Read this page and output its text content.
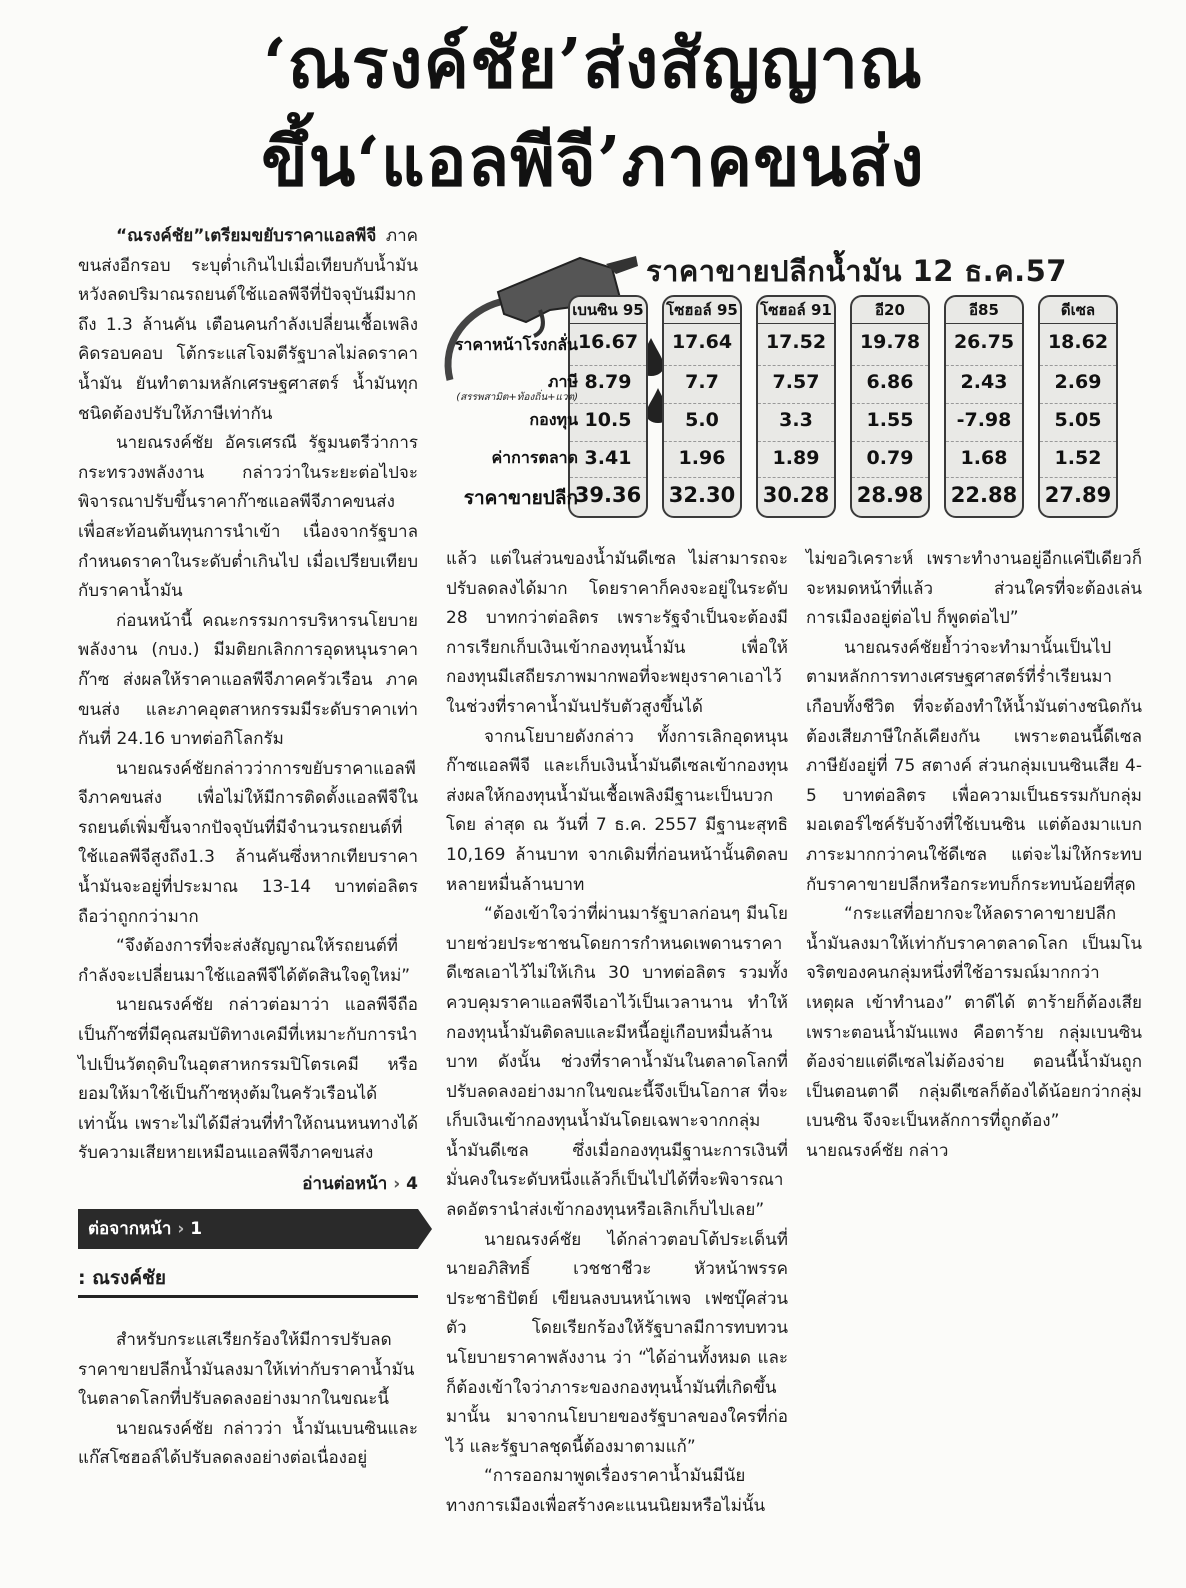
‘ณรงค์ชัย’ส่งสัญญาณ
ขึ้น‘แอลพีจี’ภาคขนส่ง

“ณรงค์ชัย”เตรียมขยับราคาแอลพีจี ภาคขนส่งอีกรอบ ระบุต่ำเกินไปเมื่อเทียบกับน้ำมัน หวังลดปริมาณรถยนต์ใช้แอลพีจีที่ปัจจุบันมีมากถึง 1.3 ล้านคัน เตือนคนกำลังเปลี่ยนเชื้อเพลิงคิดรอบคอบ โต้กระแสโจมตีรัฐบาลไม่ลดราคาน้ำมัน ยันทำตามหลักเศรษฐศาสตร์ น้ำมันทุกชนิดต้องปรับให้ภาษีเท่ากัน

นายณรงค์ชัย อัครเศรณี รัฐมนตรีว่าการกระทรวงพลังงาน กล่าวว่าในระยะต่อไปจะพิจารณาปรับขึ้นราคาก๊าซแอลพีจีภาคขนส่ง เพื่อสะท้อนต้นทุนการนำเข้า เนื่องจากรัฐบาลกำหนดราคาในระดับต่ำเกินไป เมื่อเปรียบเทียบกับราคาน้ำมัน

ก่อนหน้านี้ คณะกรรมการบริหารนโยบายพลังงาน (กบง.) มีมติยกเลิกการอุดหนุนราคาก๊าซ ส่งผลให้ราคาแอลพีจีภาคครัวเรือน ภาคขนส่ง และภาคอุตสาหกรรมมีระดับราคาเท่ากันที่ 24.16 บาทต่อกิโลกรัม

นายณรงค์ชัยกล่าวว่าการขยับราคาแอลพีจีภาคขนส่ง เพื่อไม่ให้มีการติดตั้งแอลพีจีในรถยนต์เพิ่มขึ้นจากปัจจุบันที่มีจำนวนรถยนต์ที่ใช้แอลพีจีสูงถึง1.3 ล้านคันซึ่งหากเทียบราคาน้ำมันจะอยู่ที่ประมาณ 13-14 บาทต่อลิตร ถือว่าถูกกว่ามาก

“จึงต้องการที่จะส่งสัญญาณให้รถยนต์ที่กำลังจะเปลี่ยนมาใช้แอลพีจีได้ตัดสินใจดูใหม่”

นายณรงค์ชัย กล่าวต่อมาว่า แอลพีจีถือเป็นก๊าซที่มีคุณสมบัติทางเคมีที่เหมาะกับการนำไปเป็นวัตถุดิบในอุตสาหกรรมปิโตรเคมี หรือ ยอมให้มาใช้เป็นก๊าซหุงต้มในครัวเรือนได้เท่านั้น เพราะไม่ได้มีส่วนที่ทำให้ถนนหนทางได้รับความเสียหายเหมือนแอลพีจีภาคขนส่ง

อ่านต่อหน้า › 4
ต่อจากหน้า › 1
: ณรงค์ชัย

สำหรับกระแสเรียกร้องให้มีการปรับลดราคาขายปลีกน้ำมันลงมาให้เท่ากับราคาน้ำมันในตลาดโลกที่ปรับลดลงอย่างมากในขณะนี้

นายณรงค์ชัย กล่าวว่า น้ำมันเบนซินและแก๊สโซฮอล์ได้ปรับลดลงอย่างต่อเนื่องอยู่

ราคาขายปลีกน้ำมัน 12 ธ.ค.57
เบนซิน 95
16.67
8.79
10.5
3.41
39.36
โซฮอล์ 95
17.64
7.7
5.0
1.96
32.30
โซฮอล์ 91
17.52
7.57
3.3
1.89
30.28
อี20
19.78
6.86
1.55
0.79
28.98
อี85
26.75
2.43
-7.98
1.68
22.88
ดีเซล
18.62
2.69
5.05
1.52
27.89
ราคาหน้าโรงกลั่น
ภาษี
(สรรพสามิต+ท้องถิ่น+แวต)
กองทุน
ค่าการตลาด
ราคาขายปลีก

แล้ว แต่ในส่วนของน้ำมันดีเซล ไม่สามารถจะปรับลดลงได้มาก โดยราคาก็คงจะอยู่ในระดับ 28 บาทกว่าต่อลิตร เพราะรัฐจำเป็นจะต้องมีการเรียกเก็บเงินเข้ากองทุนน้ำมัน เพื่อให้กองทุนมีเสถียรภาพมากพอที่จะพยุงราคาเอาไว้ในช่วงที่ราคาน้ำมันปรับตัวสูงขึ้นได้

จากนโยบายดังกล่าว ทั้งการเลิกอุดหนุนก๊าซแอลพีจี และเก็บเงินน้ำมันดีเซลเข้ากองทุน ส่งผลให้กองทุนน้ำมันเชื้อเพลิงมีฐานะเป็นบวก โดย ล่าสุด ณ วันที่ 7 ธ.ค. 2557 มีฐานะสุทธิ 10,169 ล้านบาท จากเดิมที่ก่อนหน้านั้นติดลบหลายหมื่นล้านบาท

“ต้องเข้าใจว่าที่ผ่านมารัฐบาลก่อนๆ มีนโยบายช่วยประชาชนโดยการกำหนดเพดานราคาดีเซลเอาไว้ไม่ให้เกิน 30 บาทต่อลิตร รวมทั้งควบคุมราคาแอลพีจีเอาไว้เป็นเวลานาน ทำให้กองทุนน้ำมันติดลบและมีหนี้อยู่เกือบหมื่นล้านบาท ดังนั้น ช่วงที่ราคาน้ำมันในตลาดโลกที่ปรับลดลงอย่างมากในขณะนี้จึงเป็นโอกาส ที่จะเก็บเงินเข้ากองทุนน้ำมันโดยเฉพาะจากกลุ่มน้ำมันดีเซล ซึ่งเมื่อกองทุนมีฐานะการเงินที่มั่นคงในระดับหนึ่งแล้วก็เป็นไปได้ที่จะพิจารณาลดอัตรานำส่งเข้ากองทุนหรือเลิกเก็บไปเลย”

นายณรงค์ชัย ได้กล่าวตอบโต้ประเด็นที่นายอภิสิทธิ์ เวชชาชีวะ หัวหน้าพรรคประชาธิปัตย์ เขียนลงบนหน้าเพจ เฟซบุ๊คส่วนตัว โดยเรียกร้องให้รัฐบาลมีการทบทวนนโยบายราคาพลังงาน ว่า “ได้อ่านทั้งหมด และก็ต้องเข้าใจว่าภาระของกองทุนน้ำมันที่เกิดขึ้นมานั้น มาจากนโยบายของรัฐบาลของใครที่ก่อไว้ และรัฐบาลชุดนี้ต้องมาตามแก้”

“การออกมาพูดเรื่องราคาน้ำมันมีนัยทางการเมืองเพื่อสร้างคะแนนนิยมหรือไม่นั้น

ไม่ขอวิเคราะห์ เพราะทำงานอยู่อีกแค่ปีเดียวก็จะหมดหน้าที่แล้ว ส่วนใครที่จะต้องเล่นการเมืองอยู่ต่อไป ก็พูดต่อไป”

นายณรงค์ชัยย้ำว่าจะทำมานั้นเป็นไปตามหลักการทางเศรษฐศาสตร์ที่ร่ำเรียนมาเกือบทั้งชีวิต ที่จะต้องทำให้น้ำมันต่างชนิดกันต้องเสียภาษีใกล้เคียงกัน เพราะตอนนี้ดีเซลภาษียังอยู่ที่ 75 สตางค์ ส่วนกลุ่มเบนซินเสีย 4-5 บาทต่อลิตร เพื่อความเป็นธรรมกับกลุ่มมอเตอร์ไซค์รับจ้างที่ใช้เบนซิน แต่ต้องมาแบกภาระมากกว่าคนใช้ดีเซล แต่จะไม่ให้กระทบกับราคาขายปลีกหรือกระทบก็กระทบน้อยที่สุด

“กระแสที่อยากจะให้ลดราคาขายปลีกน้ำมันลงมาให้เท่ากับราคาตลาดโลก เป็นมโนจริตของคนกลุ่มหนึ่งที่ใช้อารมณ์มากกว่าเหตุผล เข้าทำนอง” ตาดีได้ ตาร้ายก็ต้องเสีย เพราะตอนน้ำมันแพง คือตาร้าย กลุ่มเบนซินต้องจ่ายแต่ดีเซลไม่ต้องจ่าย ตอนนี้น้ำมันถูก เป็นตอนตาดี กลุ่มดีเซลก็ต้องได้น้อยกว่ากลุ่มเบนซิน จึงจะเป็นหลักการที่ถูกต้อง”

นายณรงค์ชัย กล่าว
